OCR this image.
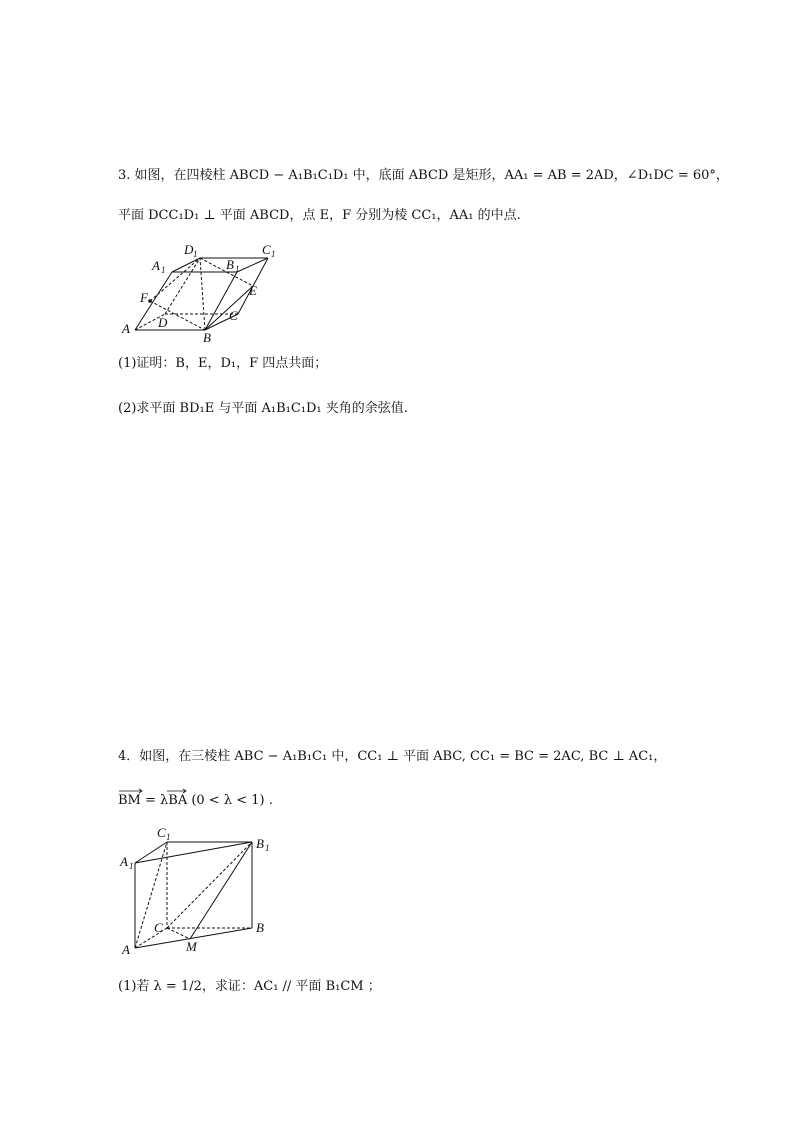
3. 如图，在四棱柱 ABCD − A₁B₁C₁D₁ 中，底面 ABCD 是矩形，AA₁ = AB = 2AD，∠D₁DC = 60°，
平面 DCC₁D₁ ⊥ 平面 ABCD，点 E，F 分别为棱 CC₁，AA₁ 的中点.
A
B
C
D
A 1	B 1
C 1
D 1
E
F
(1)证明：B，E，D₁，F 四点共面；
(2)求平面 BD₁E 与平面 A₁B₁C₁D₁ 夹角的余弦值.
4．如图，在三棱柱 ABC − A₁B₁C₁ 中，CC₁ ⊥ 平面 ABC, CC₁ = BC = 2AC, BC ⊥ AC₁，
BM = λBA (0 < λ < 1) .
A
B
C
M
A 1
B 1
C 1
(1)若 λ = 1/2，求证：AC₁ // 平面 B₁CM ；
